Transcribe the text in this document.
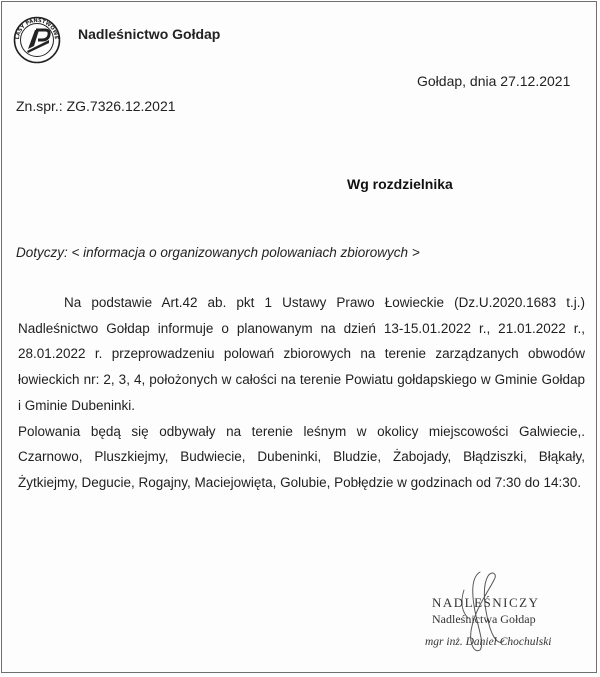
LASY PAŃSTWOWE Nadleśnictwo Gołdap
Gołdap, dnia 27.12.2021
Zn.spr.: ZG.7326.12.2021
Wg rozdzielnika
Dotyczy: < informacja o organizowanych polowaniach zbiorowych >

Na podstawie Art.42 ab. pkt 1 Ustawy Prawo Łowieckie (Dz.U.2020.1683 t.j.) Nadleśnictwo Gołdap informuje o planowanym na dzień 13-15.01.2022 r., 21.01.2022 r., 28.01.2022 r. przeprowadzeniu polowań zbiorowych na terenie zarządzanych obwodów łowieckich nr: 2, 3, 4, położonych w całości na terenie Powiatu gołdapskiego w Gminie Gołdap i Gminie Dubeninki.

Polowania będą się odbywały na terenie leśnym w okolicy miejscowości Galwiecie,. Czarnowo, Pluszkiejmy, Budwiecie, Dubeninki, Bludzie, Żabojady, Błądziszki, Błąkały, Żytkiejmy, Degucie, Rogajny, Maciejowięta, Golubie, Pobłędzie w godzinach od 7:30 do 14:30.

NADLEŚNICZY
Nadleśnictwa Gołdap
mgr inż. Daniel Chochulski
